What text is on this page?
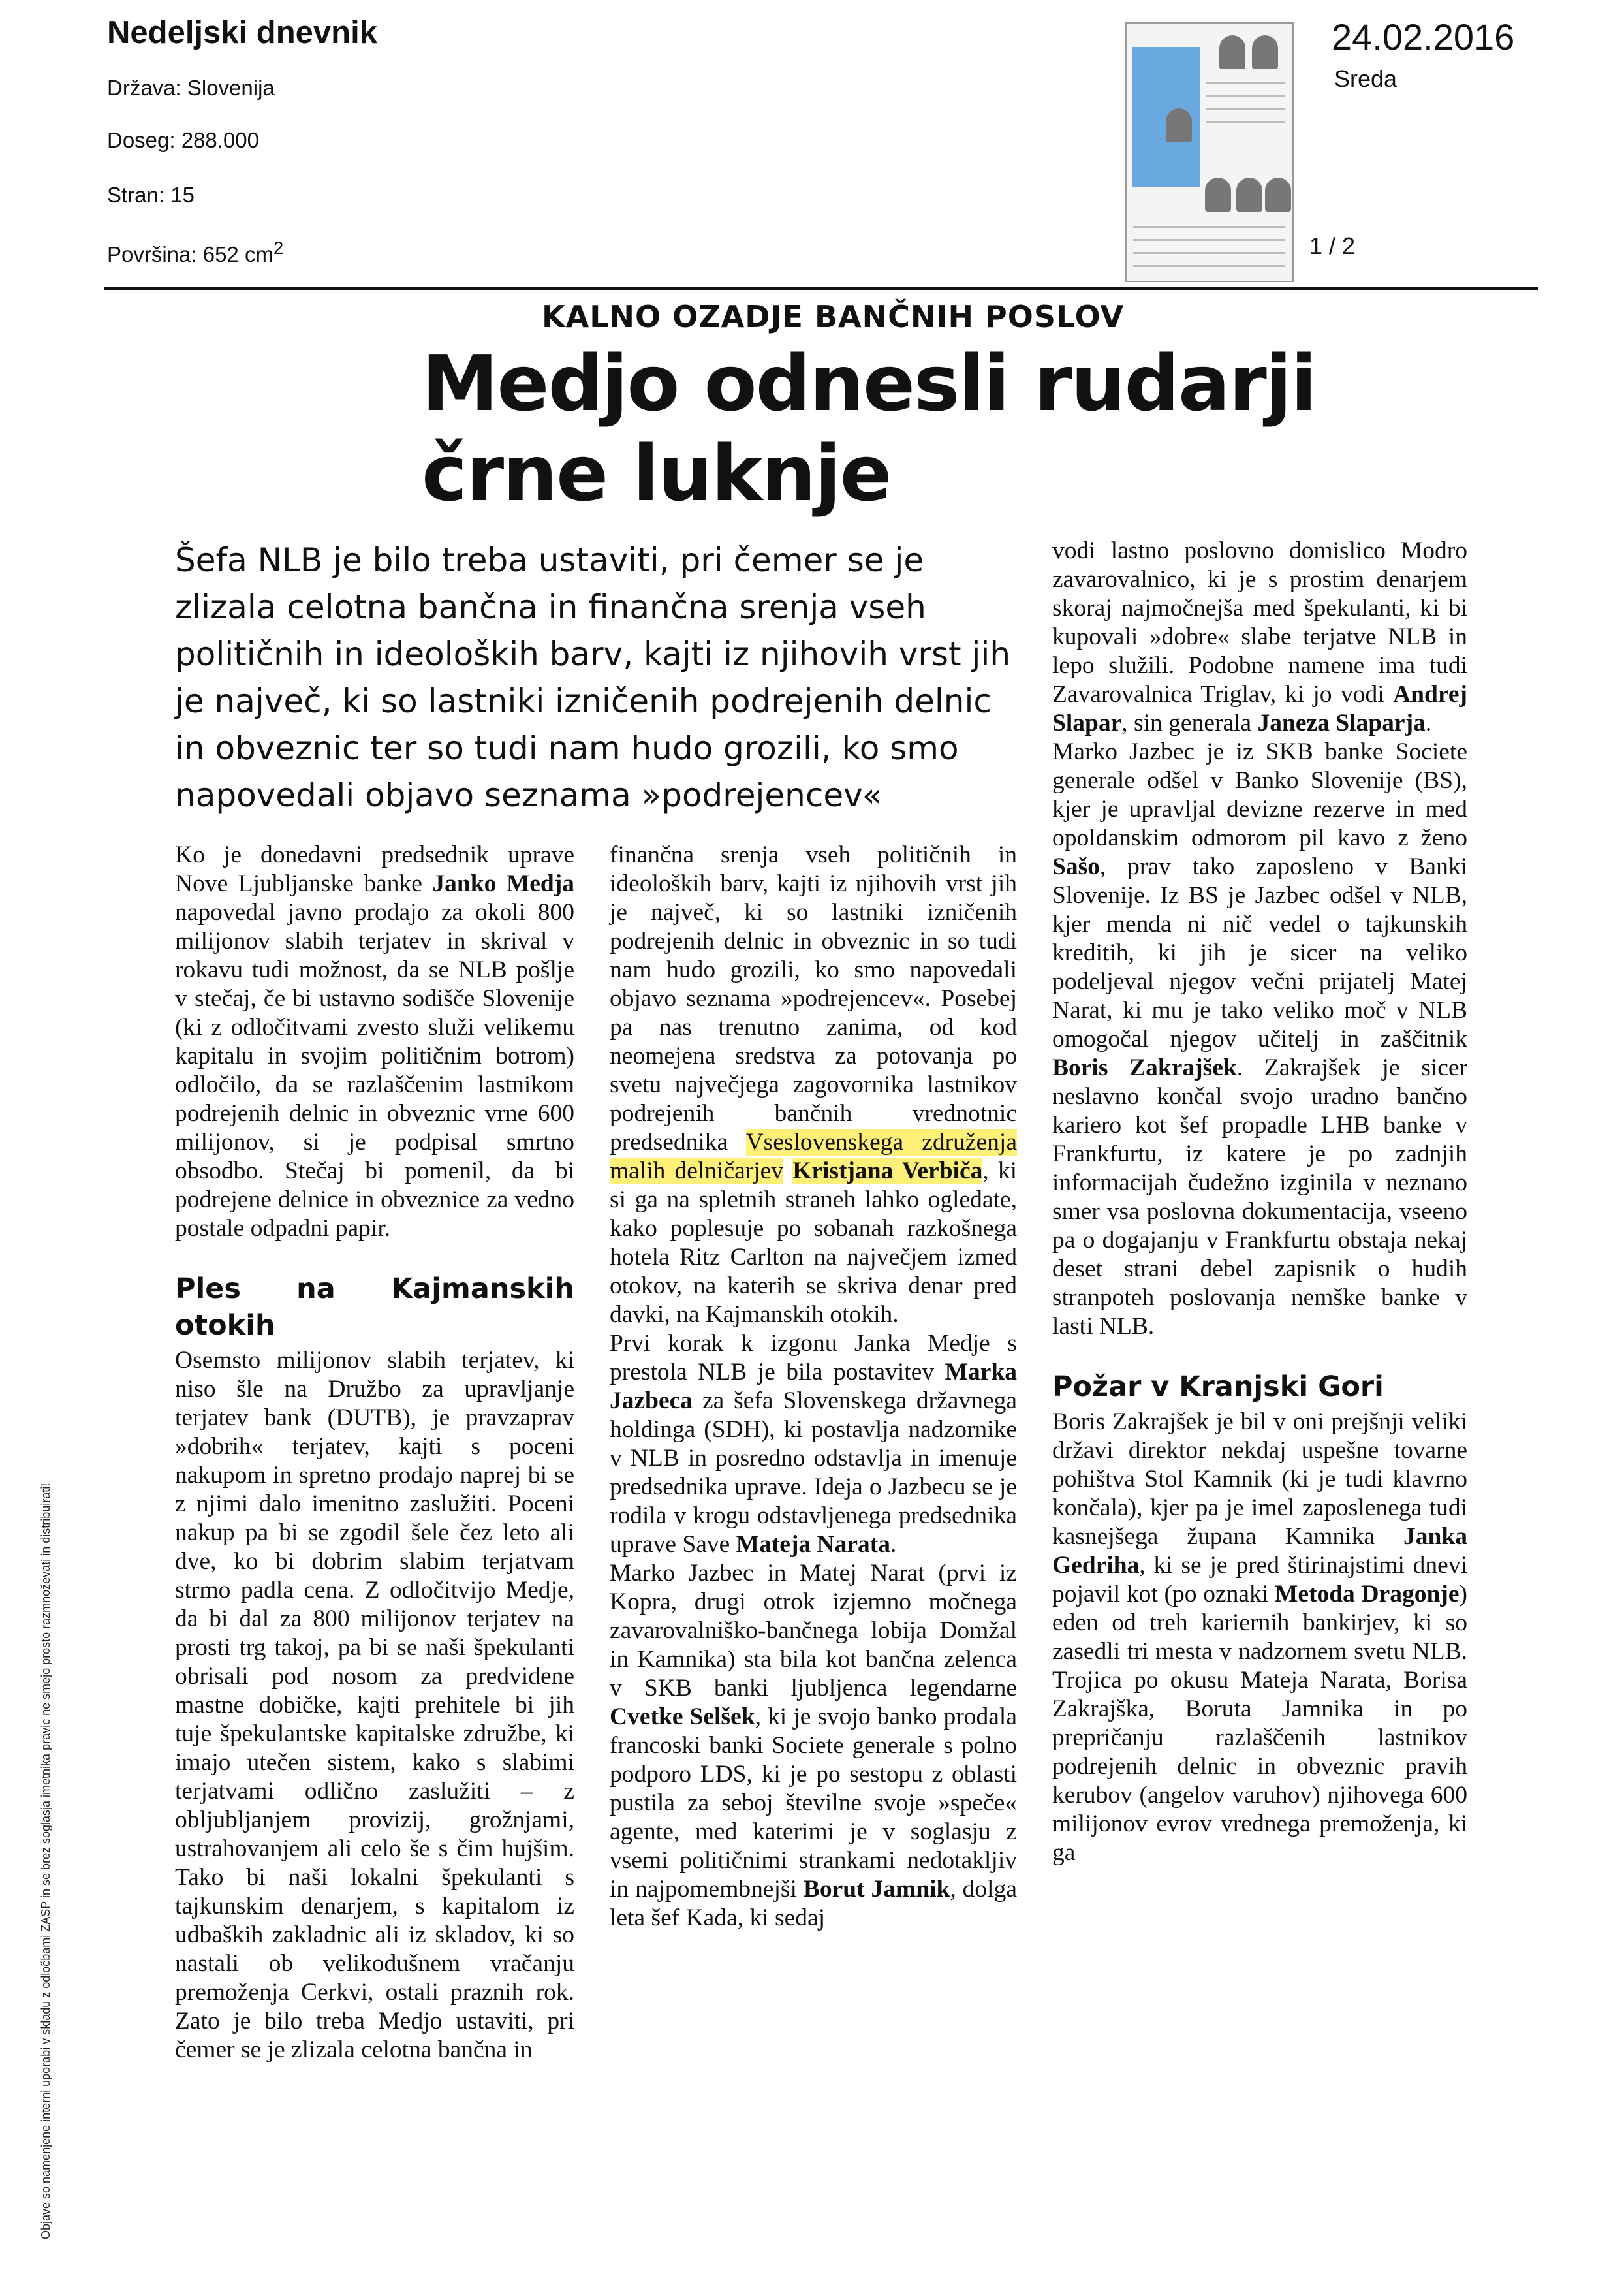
Nedeljski dnevnik
Država: Slovenija
Doseg: 288.000
Stran: 15
Površina: 652 $cm^2$
24.02.2016
Sreda
1 / 2
Objave so namenjene interni uporabi v skladu z odločbami ZASP in se brez soglasja imetnika pravic ne smejo prosto razmnoževati in distribuirati!
KALNO OZADJE BANČNIH POSLOV
Medjo odnesli rudarji
črne luknje
Šefa NLB je bilo treba ustaviti, pri čemer se je zlizala celotna bančna in finančna srenja vseh političnih in ideoloških barv, kajti iz njihovih vrst jih je največ, ki so lastniki izničenih podrejenih delnic in obveznic ter so tudi nam hudo grozili, ko smo napovedali objavo seznama »podrejencev«

Ko je donedavni predsednik uprave Nove Ljubljanske banke Janko Medja napovedal javno prodajo za okoli 800 milijonov slabih terjatev in skrival v rokavu tudi možnost, da se NLB pošlje v stečaj, če bi ustavno sodišče Slovenije (ki z odločitvami zvesto služi velikemu kapitalu in svojim političnim botrom) odločilo, da se razlaščenim lastnikom podrejenih delnic in obveznic vrne 600 milijonov, si je podpisal smrtno obsodbo. Stečaj bi pomenil, da bi podrejene delnice in obveznice za vedno postale odpadni papir.

Ples na Kajmanskih otokih

Osemsto milijonov slabih terjatev, ki niso šle na Družbo za upravljanje terjatev bank (DUTB), je pravzaprav »dobrih« terjatev, kajti s poceni nakupom in spretno prodajo naprej bi se z njimi dalo imenitno zaslužiti. Poceni nakup pa bi se zgodil šele čez leto ali dve, ko bi dobrim slabim terjatvam strmo padla cena. Z odločitvijo Medje, da bi dal za 800 milijonov terjatev na prosti trg takoj, pa bi se naši špekulanti obrisali pod nosom za predvidene mastne dobičke, kajti prehitele bi jih tuje špekulantske kapitalske združbe, ki imajo utečen sistem, kako s slabimi terjatvami odlično zaslužiti – z obljubljanjem provizij, grožnjami, ustrahovanjem ali celo še s čim hujšim. Tako bi naši lokalni špekulanti s tajkunskim denarjem, s kapitalom iz udbaških zakladnic ali iz skladov, ki so nastali ob velikodušnem vračanju premoženja Cerkvi, ostali praznih rok. Zato je bilo treba Medjo ustaviti, pri čemer se je zlizala celotna bančna in

finančna srenja vseh političnih in ideoloških barv, kajti iz njihovih vrst jih je največ, ki so lastniki izničenih podrejenih delnic in obveznic in so tudi nam hudo grozili, ko smo napovedali objavo seznama »podrejencev«. Posebej pa nas trenutno zanima, od kod neomejena sredstva za potovanja po svetu največjega zagovornika lastnikov podrejenih bančnih vrednotnic predsednika Vseslovenskega združenja malih delničarjev Kristjana Verbiča, ki si ga na spletnih straneh lahko ogledate, kako poplesuje po sobanah razkošnega hotela Ritz Carlton na največjem izmed otokov, na katerih se skriva denar pred davki, na Kajmanskih otokih.

Prvi korak k izgonu Janka Medje s prestola NLB je bila postavitev Marka Jazbeca za šefa Slovenskega državnega holdinga (SDH), ki postavlja nadzornike v NLB in posredno odstavlja in imenuje predsednika uprave. Ideja o Jazbecu se je rodila v krogu odstavljenega predsednika uprave Save Mateja Narata.

Marko Jazbec in Matej Narat (prvi iz Kopra, drugi otrok izjemno močnega zavarovalniško-bančnega lobija Domžal in Kamnika) sta bila kot bančna zelenca v SKB banki ljubljenca legendarne Cvetke Selšek, ki je svojo banko prodala francoski banki Societe generale s polno podporo LDS, ki je po sestopu z oblasti pustila za seboj številne svoje »speče« agente, med katerimi je v soglasju z vsemi političnimi strankami nedotakljiv in najpomembnejši Borut Jamnik, dolga leta šef Kada, ki sedaj

vodi lastno poslovno domislico Modro zavarovalnico, ki je s prostim denarjem skoraj najmočnejša med špekulanti, ki bi kupovali »dobre« slabe terjatve NLB in lepo služili. Podobne namene ima tudi Zavarovalnica Triglav, ki jo vodi Andrej Slapar, sin generala Janeza Slaparja.

Marko Jazbec je iz SKB banke Societe generale odšel v Banko Slovenije (BS), kjer je upravljal devizne rezerve in med opoldanskim odmorom pil kavo z ženo Sašo, prav tako zaposleno v Banki Slovenije. Iz BS je Jazbec odšel v NLB, kjer menda ni nič vedel o tajkunskih kreditih, ki jih je sicer na veliko podeljeval njegov večni prijatelj Matej Narat, ki mu je tako veliko moč v NLB omogočal njegov učitelj in zaščitnik Boris Zakrajšek. Zakrajšek je sicer neslavno končal svojo uradno bančno kariero kot šef propadle LHB banke v Frankfurtu, iz katere je po zadnjih informacijah čudežno izginila v neznano smer vsa poslovna dokumentacija, vseeno pa o dogajanju v Frankfurtu obstaja nekaj deset strani debel zapisnik o hudih stranpoteh poslovanja nemške banke v lasti NLB.

Požar v Kranjski Gori

Boris Zakrajšek je bil v oni prejšnji veliki državi direktor nekdaj uspešne tovarne pohištva Stol Kamnik (ki je tudi klavrno končala), kjer pa je imel zaposlenega tudi kasnejšega župana Kamnika Janka Gedriha, ki se je pred štirinajstimi dnevi pojavil kot (po oznaki Metoda Dragonje) eden od treh kariernih bankirjev, ki so zasedli tri mesta v nadzornem svetu NLB. Trojica po okusu Mateja Narata, Borisa Zakrajška, Boruta Jamnika in po prepričanju razlaščenih lastnikov podrejenih delnic in obveznic pravih kerubov (angelov varuhov) njihovega 600 milijonov evrov vrednega premoženja, ki ga
